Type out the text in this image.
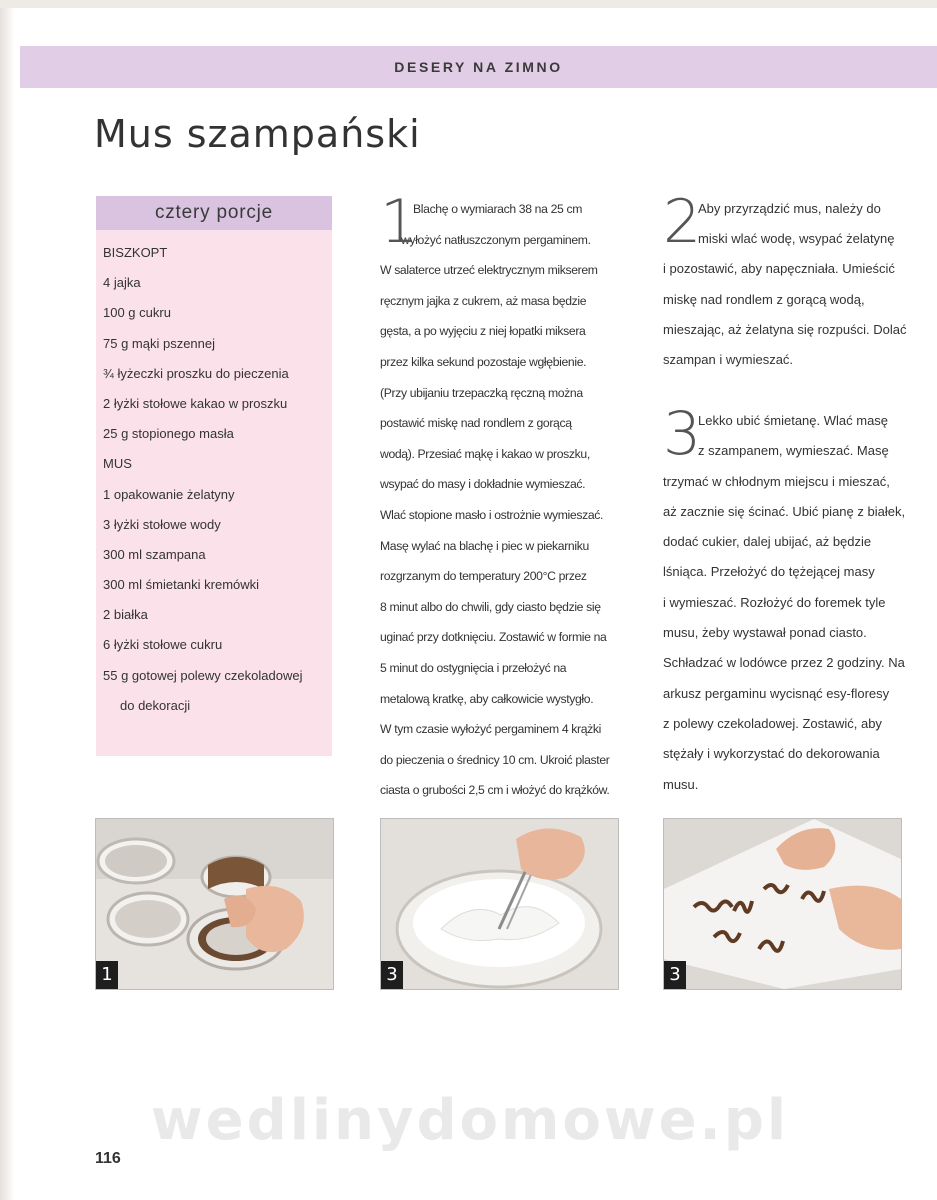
DESERY NA ZIMNO
Mus szampański
cztery porcje
BISZKOPT
4 jajka
100 g cukru
75 g mąki pszennej
¾ łyżeczki proszku do pieczenia
2 łyżki stołowe kakao w proszku
25 g stopionego masła
MUS
1 opakowanie żelatyny
3 łyżki stołowe wody
300 ml szampana
300 ml śmietanki kremówki
2 białka
6 łyżki stołowe cukru
55 g gotowej polewy czekoladowej
do dekoracji
1

Blachę o wymiarach 38 na 25 cm
wyłożyć natłuszczonym pergaminem.
W salaterce utrzeć elektrycznym mikserem
ręcznym jajka z cukrem, aż masa będzie
gęsta, a po wyjęciu z niej łopatki miksera
przez kilka sekund pozostaje wgłębienie.
(Przy ubijaniu trzepaczką ręczną można
postawić miskę nad rondlem z gorącą
wodą). Przesiać mąkę i kakao w proszku,
wsypać do masy i dokładnie wymieszać.
Wlać stopione masło i ostrożnie wymieszać.
Masę wylać na blachę i piec w piekarniku
rozgrzanym do temperatury 200°C przez
8 minut albo do chwili, gdy ciasto będzie się
uginać przy dotknięciu. Zostawić w formie na
5 minut do ostygnięcia i przełożyć na
metalową kratkę, aby całkowicie wystygło.
W tym czasie wyłożyć pergaminem 4 krążki
do pieczenia o średnicy 10 cm. Ukroić plaster
ciasta o grubości 2,5 cm i włożyć do krążków.

2

Aby przyrządzić mus, należy do
miski wlać wodę, wsypać żelatynę
i pozostawić, aby napęczniała. Umieścić
miskę nad rondlem z gorącą wodą,
mieszając, aż żelatyna się rozpuści. Dolać
szampan i wymieszać.

3

Lekko ubić śmietanę. Wlać masę
z szampanem, wymieszać. Masę
trzymać w chłodnym miejscu i mieszać,
aż zacznie się ścinać. Ubić pianę z białek,
dodać cukier, dalej ubijać, aż będzie
lśniąca. Przełożyć do tężejącej masy
i wymieszać. Rozłożyć do foremek tyle
musu, żeby wystawał ponad ciasto.
Schładzać w lodówce przez 2 godziny. Na
arkusz pergaminu wycisnąć esy-floresy
z polewy czekoladowej. Zostawić, aby
stężały i wykorzystać do dekorowania
musu.

1	3	3
wedlinydomowe.pl
116
